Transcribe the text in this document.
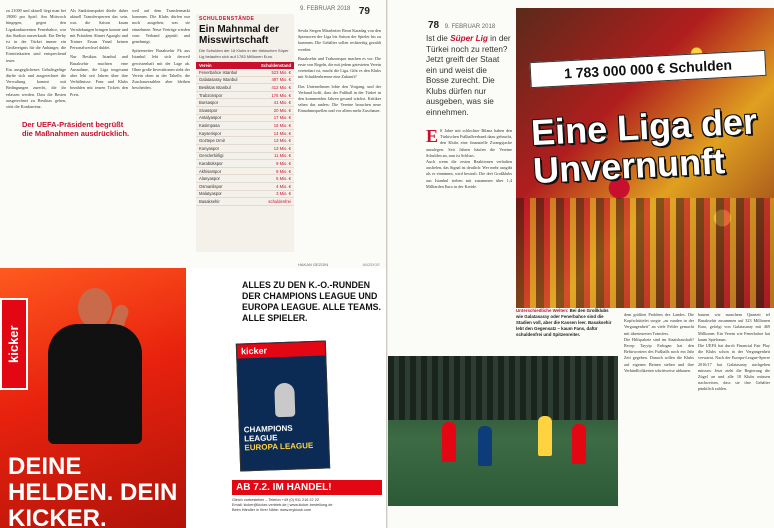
9. FEBRUAR 2018 79

zu 21000 und aktuell liegt man bei 19000 pro Spiel. Am Mittwoch hingegen, gegen den Ligakonkurrenten Fenerbahce, war das Stadion ausverkauft. Ein Derby ist in der Türkei immer ein Großereignis für die Anhänger, die Eintrittskarten sind entsprechend teuer.

Ein ausgeglichenes Gehaltsgefüge dürfte sich und ausgerechnet die Verwaltung kommt mit Bedingungen zurecht, die ihr erlassen werden. Dass die Besten ausgerechnet zu Besiktas gehen, stört die Konkurrenz.

Als Sanktionspaket dürfte daher aktuell Transfersperren das sein, was die Saison kaum Verstärkungen bringen konnte und mit Präsident Ahmet Agaoglu und Trainer Ersun Yanal keinen Personalwechsel duldet.

Nur Besiktas Istanbul und Basaksehir machten eine Ausnahme, die Liga insgesamt aber lebt seit Jahren über ihre Verhältnisse. Fans und Klubs bezahlen mit teuren Tickets den Preis.

weil auf dem Transfermarkt kommen. Die Klubs dürfen nur noch ausgeben, was sie einnehmen. Neue Verträge werden vom Verband geprüft und genehmigt.

Spitzenreiter Basaksehir Fk aus Istanbul lebt sich derweil gewissenhaft mit der Lage ab. Ohne große Investitionen steht der Verein oben in der Tabelle, die Zuschauerzahlen aber bleiben bescheiden.

Der UEFA-Präsident begrüßt die Maßnahmen ausdrücklich.
SCHULDENSTÄNDE
Ein Mahnmal der Misswirtschaft
Die Schulden der 18 Klubs in der türkischen Süper Lig belaufen sich auf 1783 Millionen Euro.
Verein	Schuldenstand
Fenerbahce Istanbul	523 Mio. €
Galatasaray Istanbul	497 Mio. €
Besiktas Istanbul	412 Mio. €
Trabzonspor	176 Mio. €
Bursaspor	41 Mio. €
Sivasspor	20 Mio. €
Antalyaspor	17 Mio. €
Kasimpasa	16 Mio. €
Kayserispor	14 Mio. €
Goztepe Izmir	13 Mio. €
Konyaspor	13 Mio. €
Genclerbirligi	11 Mio. €
Karabükspor	9 Mio. €
Akhisarspor	8 Mio. €
Alanyaspor	5 Mio. €
Osmanlispor	4 Mio. €
Malatyaspor	3 Mio. €
Basaksehir	schuldenfrei

Sevda Sergen Mitarbeiter Berat Karadag von den Sponsoren der Liga bis Saison der Spieler bis zu kommen. Die Gehälter sollen rechtzeitig gezahlt werden.

Basaksehir und Trabzonspor machen es vor. Die erste von Regeln, die mit jedem getesteten Verein vereinbart ist, macht die Liga. Gibt es den Klubs mit Schuldenbremse eine Zukunft?

Das Unternehmen lobte den Vorgang, und der Verband hofft, dass der Fußball in der Türkei in den kommenden Jahren gesund wächst. Kritiker sehen das anders: Die Vereine brauchen neue Einnahmequellen und vor allem mehr Zuschauer.

HAKAN GEZGIN	ANZEIGE
kicker
DEINE HELDEN. DEIN KICKER.
ALLES ZU DEN K.-O.-RUNDEN DER CHAMPIONS LEAGUE UND EUROPA LEAGUE. ALLE TEAMS. ALLE SPIELER.
kicker
CHAMPIONS LEAGUE
EUROPA LEAGUE
AB 7.2. IM HANDEL!
Gleich vorbestellen – Telefon +49 (0) 911 216 22 22
Email: kicker@kicker-vertrieb.de | www.kicker-bestellung.de
Beim Händler in Ihrer Nähe: www.mykiosk.com
78 9. FEBRUAR 2018
Ist die Süper Lig in der Türkei noch zu retten? Jetzt greift der Staat ein und weist die Bosse zurecht. Die Klubs dürfen nur ausgeben, was sie einnehmen.

Elf Jahre mit schlechter Bilanz haben den Türkischen Fußballverband dazu gebracht, den Klubs eine finanzielle Zwangsjacke anzulegen. Seit Jahren häufen die Vereine Schulden an, nun ist Schluss.

Auch wenn die ersten Reaktionen verhalten ausfielen, das Signal ist deutlich: Wer mehr ausgibt als er einnimmt, wird bestraft. Die drei Großklubs aus Istanbul stehen mit zusammen über 1,4 Milliarden Euro in der Kreide.

1 783 000 000 € Schulden
Eine Liga der
Unvernunft
Unterschiedliche Welten: Bei den Großklubs wie Galatasaray oder Fenerbahce sind die Stadien voll, aber die Kassen leer. Basaksehir lebt den Gegensatz – kaum Fans, dafür schuldenfrei und Spitzenreiter.

dem größten Problem des Landes. Die Kopfschüttelei sorgte „zu runden in der Vergangenheit" an viele Fehler gemacht mit überteuerten Transfers.

Die Hilfspakete sind im Staatshaushalt? Recep Tayyip Erdogan hat den Befürwortern des Fußballs noch ein Jahr Zeit gegeben. Danach sollen die Klubs auf eigenen Beinen stehen und ihre Verbindlichkeiten schrittweise abbauen.

bauern wie manchem Quartett tel Basaksehir zusammen auf 323 Millionen Euro, gefolgt von Galatasaray mit 469 Millionen. Ein Verein wie Fenerbahce hat kaum Spielraum.

Die UEFA hat durch Financial Fair Play die Klubs schon in der Vergangenheit verwarnt. Nach der Europa-League-Sperre 2016/17 hat Galatasaray nachgeben müssen. Jetzt zieht die Regierung die Zügel an und alle 18 Klubs müssen nachweisen, dass sie ihre Gehälter pünktlich zahlen.
